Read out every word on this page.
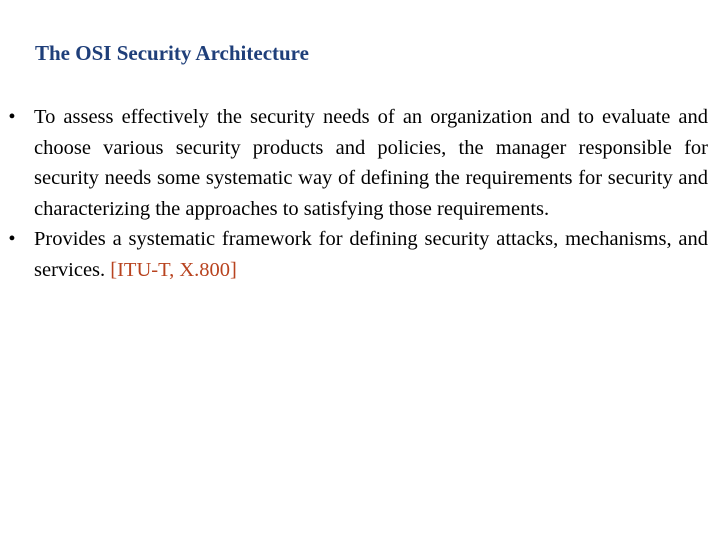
The OSI Security Architecture
• To assess effectively the security needs of an organization and to evaluate and choose various security products and policies, the manager responsible for security needs some systematic way of defining the requirements for security and characterizing the approaches to satisfying those requirements.
• Provides a systematic framework for defining security attacks, mechanisms, and services. [ITU-T, X.800]
